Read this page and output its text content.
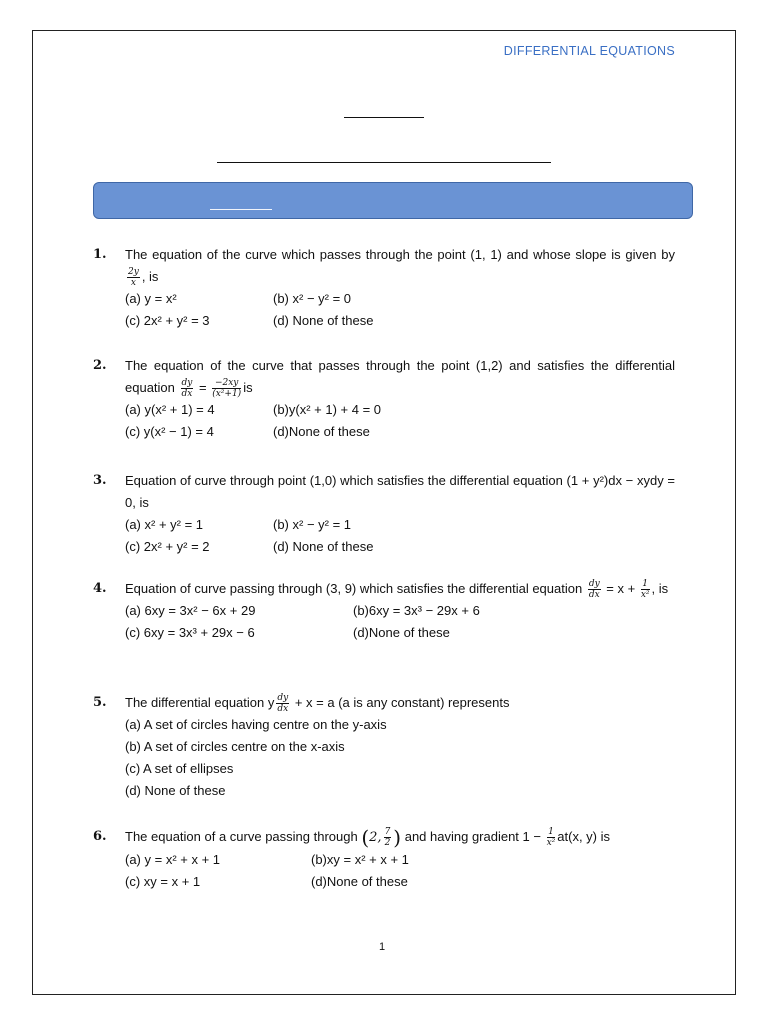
DIFFERENTIAL EQUATIONS
1. The equation of the curve which passes through the point (1, 1) and whose slope is given by
$\frac{2y}{x}$ , is
(a) y = x²	(b) x² − y² = 0
(c) 2x² + y² = 3	(d) None of these
2. The equation of the curve that passes through the point (1,2) and satisfies the differential equation $\frac{dy}{dx} = \frac{-2xy}{\text{(x²+1)}}$ is
(a) y(x² + 1) = 4	(b)y(x² + 1) + 4 = 0
(c) y(x² − 1) = 4	(d)None of these
3. Equation of curve through point (1,0) which satisfies the differential equation (1 + y²)dx − xydy = 0, is
(a) x² + y² = 1	(b) x² − y² = 1
(c) 2x² + y² = 2	(d) None of these
4. Equation of curve passing through (3, 9) which satisfies the differential equation $\frac{dy}{dx} = x + \frac{1}{\text{x²}}$ , is
(a) 6xy = 3x² − 6x + 29	(b)6xy = 3x³ − 29x + 6
(c) 6xy = 3x³ + 29x − 6	(d)None of these
5. The differential equation y $\frac{dy}{dx} + x = a$ (a is any constant) represents
(a) A set of circles having centre on the y-axis
(b) A set of circles centre on the x-axis
(c) A set of ellipses
(d) None of these
6. The equation of a curve passing through (2, $\frac{7}{2}$ ) and having gradient $1 - \frac{1}{\text{x²}} at(x$, y) is
(a) y = x² + x + 1	(b)xy = x² + x + 1
(c) xy = x + 1	(d)None of these
1
